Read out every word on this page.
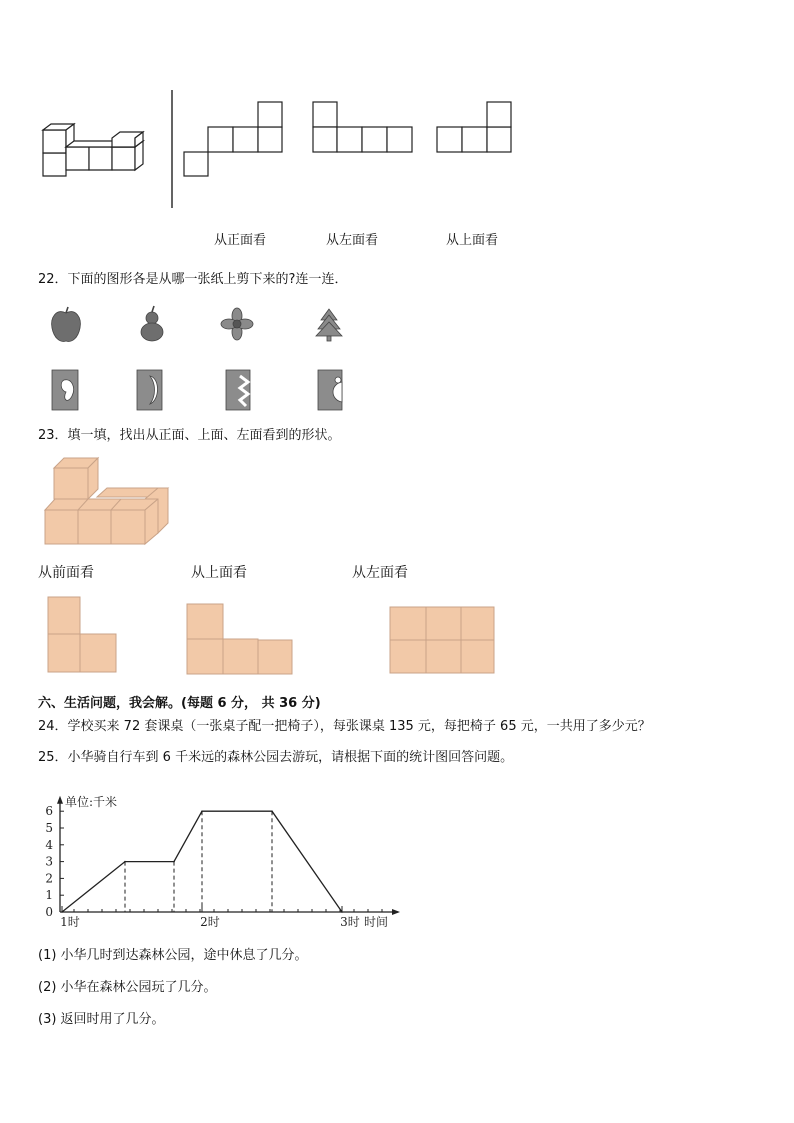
从正面看	从左面看	从上面看
22．下面的图形各是从哪一张纸上剪下来的?连一连．
23．填一填，找出从正面、上面、左面看到的形状。
从前面看	从上面看	从左面看
六、生活问题，我会解。(每题 6 分， 共 36 分)
24．学校买来 72 套课桌（一张桌子配一把椅子），每张课桌 135 元，每把椅子 65 元，一共用了多少元？
25．小华骑自行车到 6 千米远的森林公园去游玩，请根据下面的统计图回答问题。
0
1
2
3
4
5
6
1时	2时	3时
单位:千米
时间
(1) 小华几时到达森林公园，途中休息了几分。
(2) 小华在森林公园玩了几分。
(3) 返回时用了几分。
